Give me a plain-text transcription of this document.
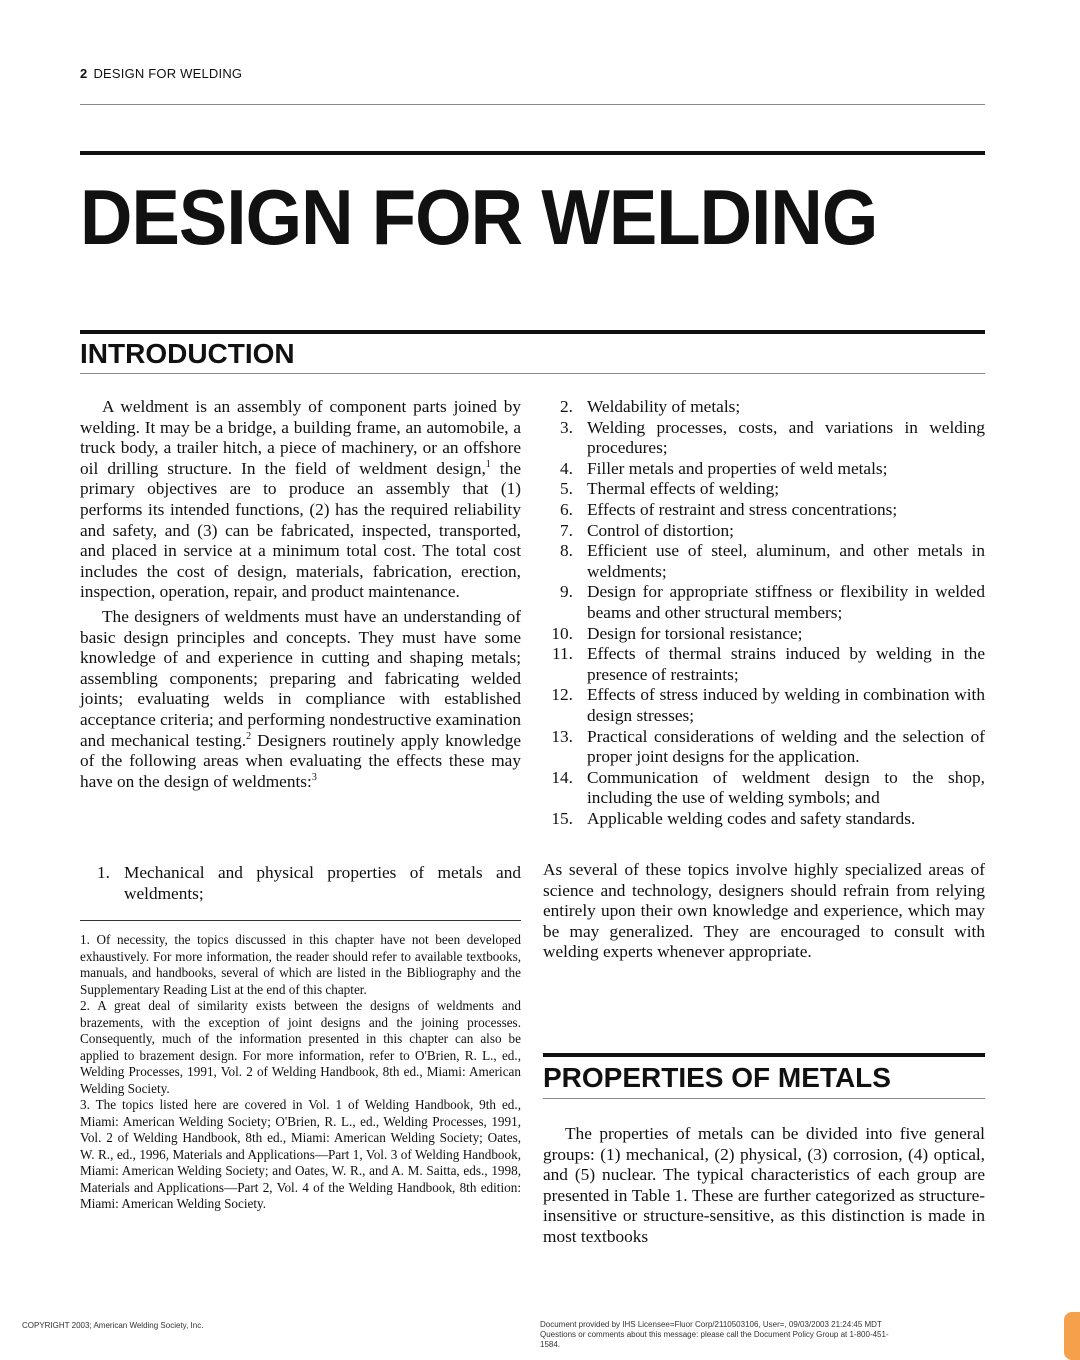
2 DESIGN FOR WELDING
DESIGN FOR WELDING
INTRODUCTION

A weldment is an assembly of component parts joined by welding. It may be a bridge, a building frame, an automobile, a truck body, a trailer hitch, a piece of machinery, or an offshore oil drilling structure. In the field of weldment design,$^1$ the primary objectives are to produce an assembly that (1) performs its intended functions, (2) has the required reliability and safety, and (3) can be fabricated, inspected, transported, and placed in service at a minimum total cost. The total cost includes the cost of design, materials, fabrication, erection, inspection, operation, repair, and product maintenance.

The designers of weldments must have an understanding of basic design principles and concepts. They must have some knowledge of and experience in cutting and shaping metals; assembling components; preparing and fabricating welded joints; evaluating welds in compliance with established acceptance criteria; and performing nondestructive examination and mechanical testing.$^2$ Designers routinely apply knowledge of the following areas when evaluating the effects these may have on the design of weldments:$^3$

1. Mechanical and physical properties of metals and weldments;

1. Of necessity, the topics discussed in this chapter have not been developed exhaustively. For more information, the reader should refer to available textbooks, manuals, and handbooks, several of which are listed in the Bibliography and the Supplementary Reading List at the end of this chapter.

2. A great deal of similarity exists between the designs of weldments and brazements, with the exception of joint designs and the joining processes. Consequently, much of the information presented in this chapter can also be applied to brazement design. For more information, refer to O'Brien, R. L., ed., Welding Processes, 1991, Vol. 2 of Welding Handbook, 8th ed., Miami: American Welding Society.

3. The topics listed here are covered in Vol. 1 of Welding Handbook, 9th ed., Miami: American Welding Society; O'Brien, R. L., ed., Welding Processes, 1991, Vol. 2 of Welding Handbook, 8th ed., Miami: American Welding Society; Oates, W. R., ed., 1996, Materials and Applications—Part 1, Vol. 3 of Welding Handbook, Miami: American Welding Society; and Oates, W. R., and A. M. Saitta, eds., 1998, Materials and Applications—Part 2, Vol. 4 of the Welding Handbook, 8th edition: Miami: American Welding Society.

2. Weldability of metals;
3. Welding processes, costs, and variations in welding procedures;
4. Filler metals and properties of weld metals;
5. Thermal effects of welding;
6. Effects of restraint and stress concentrations;
7. Control of distortion;
8. Efficient use of steel, aluminum, and other metals in weldments;
9. Design for appropriate stiffness or flexibility in welded beams and other structural members;
10. Design for torsional resistance;
11. Effects of thermal strains induced by welding in the presence of restraints;
12. Effects of stress induced by welding in combination with design stresses;
13. Practical considerations of welding and the selection of proper joint designs for the application.
14. Communication of weldment design to the shop, including the use of welding symbols; and
15. Applicable welding codes and safety standards.

As several of these topics involve highly specialized areas of science and technology, designers should refrain from relying entirely upon their own knowledge and experience, which may be may generalized. They are encouraged to consult with welding experts whenever appropriate.

PROPERTIES OF METALS

The properties of metals can be divided into five general groups: (1) mechanical, (2) physical, (3) corrosion, (4) optical, and (5) nuclear. The typical characteristics of each group are presented in Table 1. These are further categorized as structure-insensitive or structure-sensitive, as this distinction is made in most textbooks

COPYRIGHT 2003; American Welding Society, Inc.	Document provided by IHS Licensee=Fluor Corp/2110503106, User=, 09/03/2003 21:24:45 MDT Questions or comments about this message: please call the Document Policy Group at 1-800-451-1584.
